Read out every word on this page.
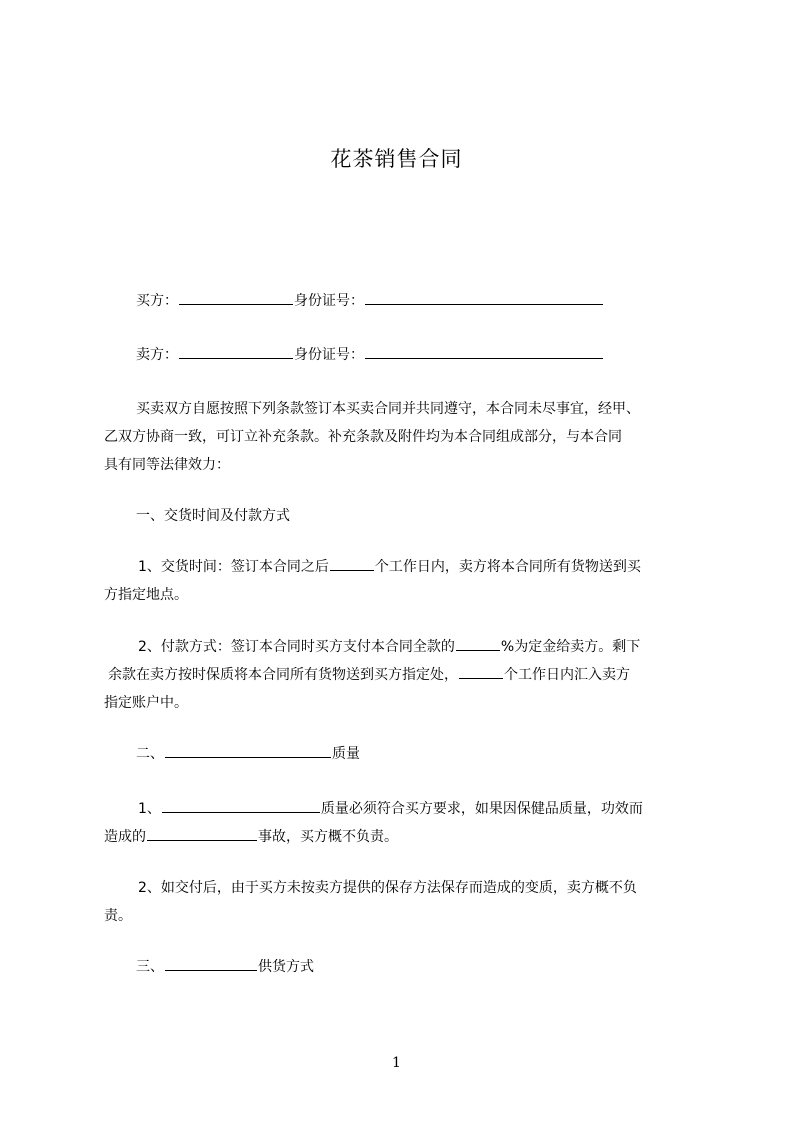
花茶销售合同
买方：	身份证号：
卖方：	身份证号：
买卖双方自愿按照下列条款签订本买卖合同并共同遵守，本合同未尽事宜，经甲、
乙双方协商一致，可订立补充条款。补充条款及附件均为本合同组成部分，与本合同
具有同等法律效力：
一、交货时间及付款方式
1、交货时间：签订本合同之后	个工作日内，卖方将本合同所有货物送到买
方指定地点。
2、付款方式：签订本合同时买方支付本合同全款的	%为定金给卖方。剩下
余款在卖方按时保质将本合同所有货物送到买方指定处，	个工作日内汇入卖方
指定账户中。
二、	质量
1、	质量必须符合买方要求，如果因保健品质量，功效而
造成的	事故，买方概不负责。
2、如交付后，由于买方未按卖方提供的保存方法保存而造成的变质，卖方概不负
责。
三、	供货方式
1
